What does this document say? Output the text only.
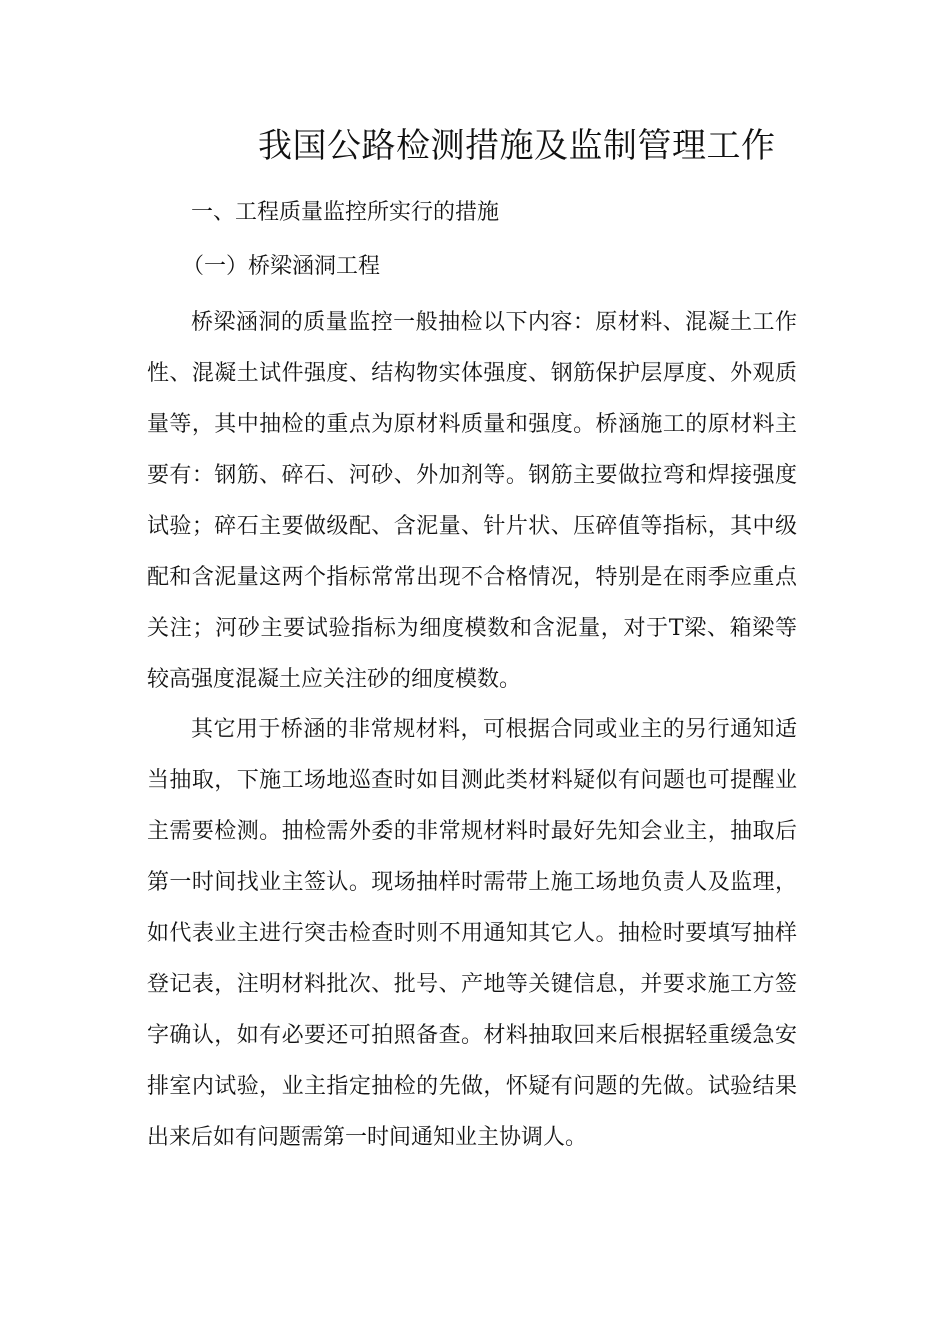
我国公路检测措施及监制管理工作
一、工程质量监控所实行的措施
（一）桥梁涵洞工程

桥梁涵洞的质量监控一般抽检以下内容：原材料、混凝土工作性、混凝土试件强度、结构物实体强度、钢筋保护层厚度、外观质量等，其中抽检的重点为原材料质量和强度。桥涵施工的原材料主要有：钢筋、碎石、河砂、外加剂等。钢筋主要做拉弯和焊接强度试验；碎石主要做级配、含泥量、针片状、压碎值等指标，其中级配和含泥量这两个指标常常出现不合格情况，特别是在雨季应重点关注；河砂主要试验指标为细度模数和含泥量，对于T梁、箱梁等较高强度混凝土应关注砂的细度模数。

其它用于桥涵的非常规材料，可根据合同或业主的另行通知适当抽取，下施工场地巡查时如目测此类材料疑似有问题也可提醒业主需要检测。抽检需外委的非常规材料时最好先知会业主，抽取后第一时间找业主签认。现场抽样时需带上施工场地负责人及监理，如代表业主进行突击检查时则不用通知其它人。抽检时要填写抽样登记表，注明材料批次、批号、产地等关键信息，并要求施工方签字确认，如有必要还可拍照备查。材料抽取回来后根据轻重缓急安排室内试验，业主指定抽检的先做，怀疑有问题的先做。试验结果出来后如有问题需第一时间通知业主协调人。
